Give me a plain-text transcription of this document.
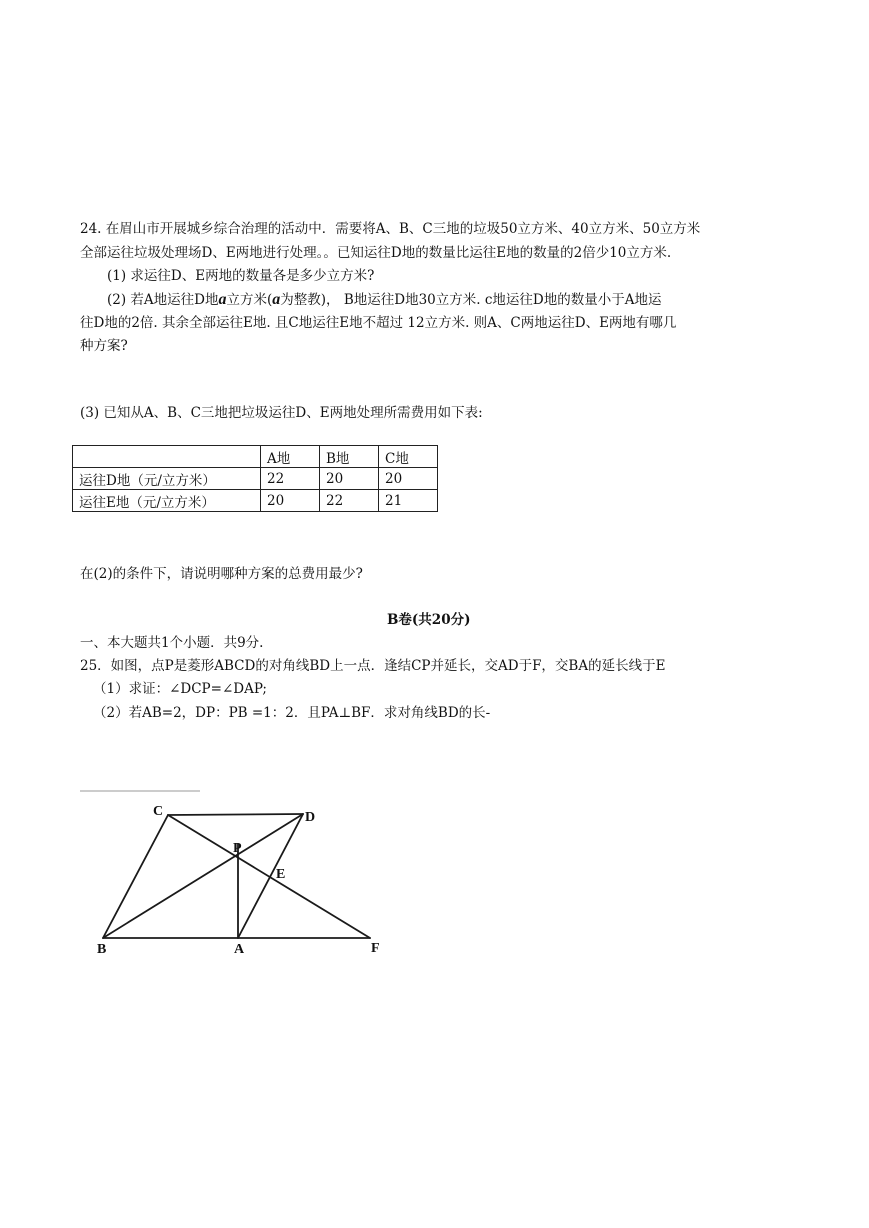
24. 在眉山市开展城乡综合治理的活动中．需要将A、B、C三地的垃圾50立方米、40立方米、50立方米
全部运往垃圾处理场D、E两地进行处理。。已知运往D地的数量比运往E地的数量的2倍少10立方米.
(1) 求运往D、E两地的数量各是多少立方米?
(2) 若A地运往D地a立方米(a为整教)， B地运往D地30立方米. c地运往D地的数量小于A地运
往D地的2倍. 其余全部运往E地. 且C地运往E地不超过 12立方米. 则A、C两地运往D、E两地有哪几
种方案?
(3) 已知从A、B、C三地把垃圾运往D、E两地处理所需费用如下表:
	A地	B地	C地
运往D地（元/立方米）	22	20	20
运往E地（元/立方米）	20	22	21
在(2)的条件下，请说明哪种方案的总费用最少?
B卷(共20分)
一、本大题共1个小题．共9分.
25．如图，点P是菱形ABCD的对角线BD上一点．逢结CP并延长，交AD于F，交BA的延长线于E
（1）求证：∠DCP=∠DAP;
（2）若AB=2，DP：PB =1：2．且PA⊥BF．求对角线BD的长-
C	D
P
E
B	A	F
